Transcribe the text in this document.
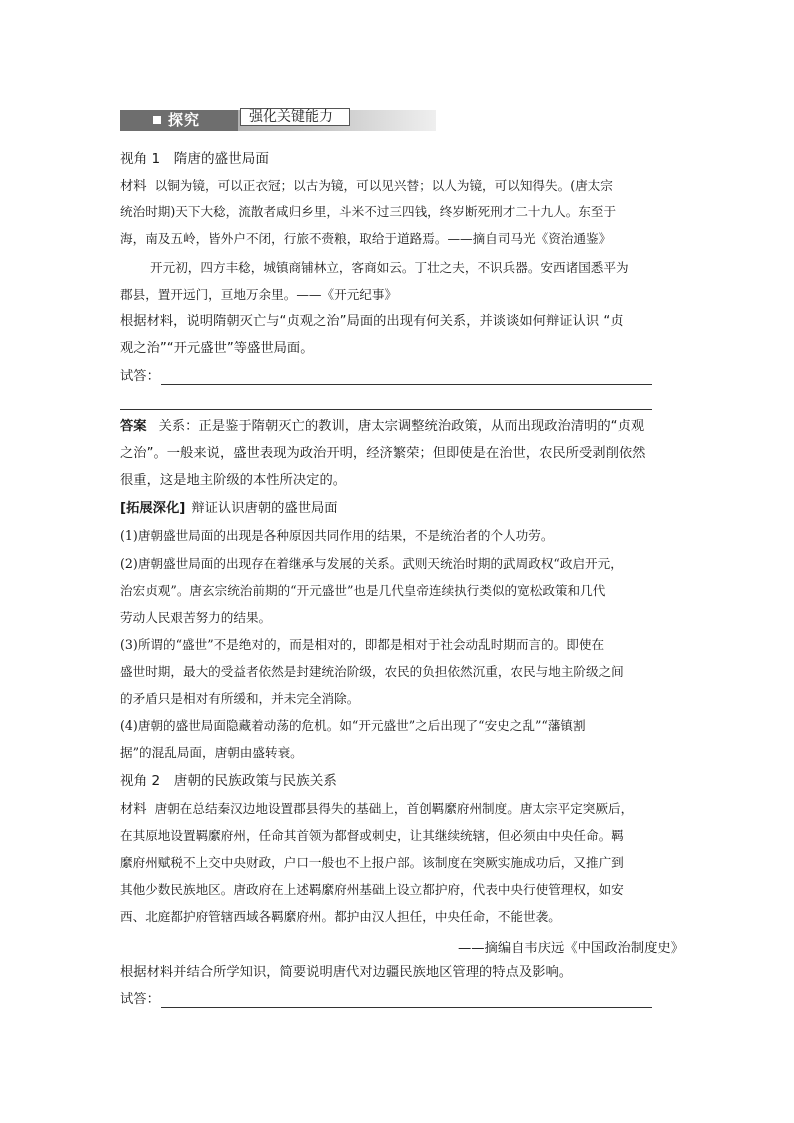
探究	强化关键能力
视角 1　隋唐的盛世局面
材料 以铜为镜，可以正衣冠；以古为镜，可以见兴替；以人为镜，可以知得失。(唐太宗
统治时期)天下大稔，流散者咸归乡里，斗米不过三四钱，终岁断死刑才二十九人。东至于
海，南及五岭，皆外户不闭，行旅不赍粮，取给于道路焉。——摘自司马光《资治通鉴》
开元初，四方丰稔，城镇商铺林立，客商如云。丁壮之夫，不识兵器。安西诸国悉平为
郡县，置开远门，亘地万余里。——《开元纪事》
根据材料，说明隋朝灭亡与“贞观之治”局面的出现有何关系，并谈谈如何辩证认识 “贞
观之治”“开元盛世”等盛世局面。
试答：
答案 关系：正是鉴于隋朝灭亡的教训，唐太宗调整统治政策，从而出现政治清明的“贞观
之治”。一般来说，盛世表现为政治开明，经济繁荣；但即使是在治世，农民所受剥削依然
很重，这是地主阶级的本性所决定的。
[拓展深化] 辩证认识唐朝的盛世局面
(1)唐朝盛世局面的出现是各种原因共同作用的结果，不是统治者的个人功劳。
(2)唐朝盛世局面的出现存在着继承与发展的关系。武则天统治时期的武周政权“政启开元，
治宏贞观”。唐玄宗统治前期的“开元盛世”也是几代皇帝连续执行类似的宽松政策和几代
劳动人民艰苦努力的结果。
(3)所谓的“盛世”不是绝对的，而是相对的，即都是相对于社会动乱时期而言的。即使在
盛世时期，最大的受益者依然是封建统治阶级，农民的负担依然沉重，农民与地主阶级之间
的矛盾只是相对有所缓和，并未完全消除。
(4)唐朝的盛世局面隐藏着动荡的危机。如“开元盛世”之后出现了“安史之乱”“藩镇割
据”的混乱局面，唐朝由盛转衰。
视角 2　唐朝的民族政策与民族关系
材料 唐朝在总结秦汉边地设置郡县得失的基础上，首创羁縻府州制度。唐太宗平定突厥后，
在其原地设置羁縻府州，任命其首领为都督或刺史，让其继续统辖，但必须由中央任命。羁
縻府州赋税不上交中央财政，户口一般也不上报户部。该制度在突厥实施成功后，又推广到
其他少数民族地区。唐政府在上述羁縻府州基础上设立都护府，代表中央行使管理权，如安
西、北庭都护府管辖西域各羁縻府州。都护由汉人担任，中央任命，不能世袭。
——摘编自韦庆远《中国政治制度史》
根据材料并结合所学知识，简要说明唐代对边疆民族地区管理的特点及影响。
试答：
